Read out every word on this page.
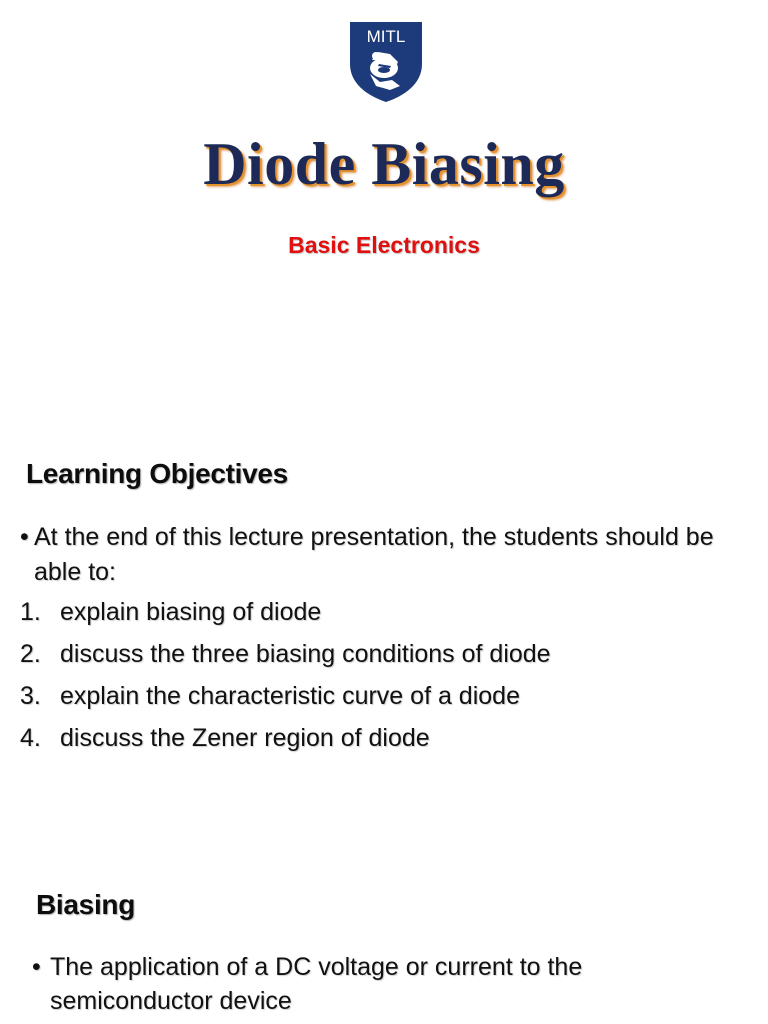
MITL
Diode Biasing
Basic Electronics
Learning Objectives
• At the end of this lecture presentation, the students should be able to:
1. explain biasing of diode
2. discuss the three biasing conditions of diode
3. explain the characteristic curve of a diode
4. discuss the Zener region of diode
Biasing
• The application of a DC voltage or current to the semiconductor device
